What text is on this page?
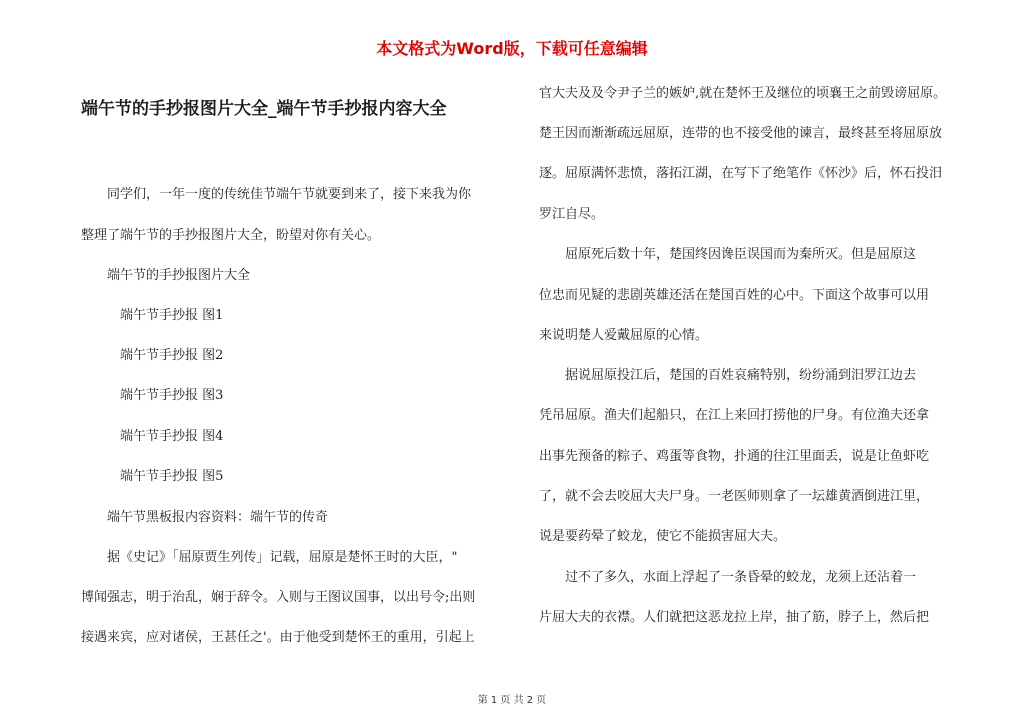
本文格式为Word版，下载可任意编辑
端午节的手抄报图片大全_端午节手抄报内容大全
　　同学们，一年一度的传统佳节端午节就要到来了，接下来我为你
整理了端午节的手抄报图片大全，盼望对你有关心。
　　端午节的手抄报图片大全
　　　端午节手抄报 图1
　　　端午节手抄报 图2
　　　端午节手抄报 图3
　　　端午节手抄报 图4
　　　端午节手抄报 图5
　　端午节黑板报内容资料：端午节的传奇
　　据《史记》「屈原贾生列传」记载，屈原是楚怀王时的大臣，"
博闻强志，明于治乱，娴于辞令。入则与王图议国事，以出号令;出则
接遇来宾，应对诸侯，王甚任之'。由于他受到楚怀王的重用，引起上
官大夫及及令尹子兰的嫉妒,就在楚怀王及继位的顷襄王之前毁谤屈原。
楚王因而渐渐疏远屈原，连带的也不接受他的谏言，最终甚至将屈原放
逐。屈原满怀悲愤，落拓江湖，在写下了绝笔作《怀沙》后，怀石投汨
罗江自尽。
　　屈原死后数十年，楚国终因谗臣误国而为秦所灭。但是屈原这
位忠而见疑的悲剧英雄还活在楚国百姓的心中。下面这个故事可以用
来说明楚人爱戴屈原的心情。
　　据说屈原投江后，楚国的百姓哀痛特别，纷纷涌到汨罗江边去
凭吊屈原。渔夫们起船只，在江上来回打捞他的尸身。有位渔夫还拿
出事先预备的粽子、鸡蛋等食物，扑通的往江里面丢，说是让鱼虾吃
了，就不会去咬屈大夫尸身。一老医师则拿了一坛雄黄酒倒进江里，
说是要药晕了蛟龙，使它不能损害屈大夫。
　　过不了多久，水面上浮起了一条昏晕的蛟龙，龙须上还沾着一
片屈大夫的衣襟。人们就把这恶龙拉上岸，抽了筋，脖子上，然后把
第 1 页 共 2 页
